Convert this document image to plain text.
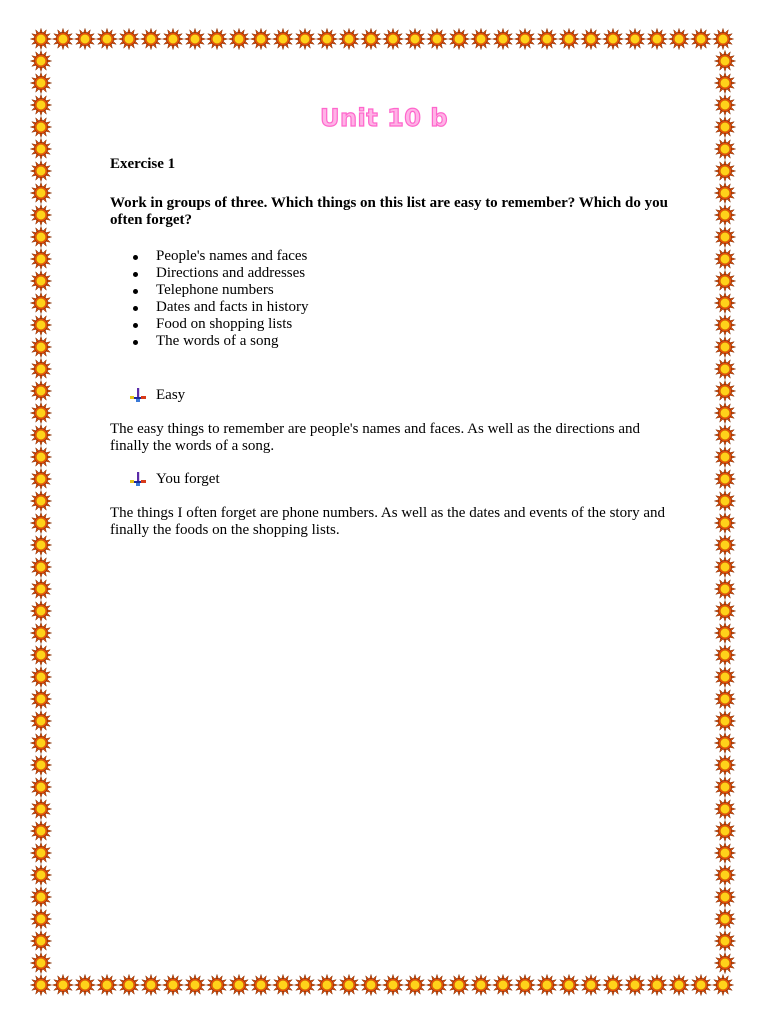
Unit 10 b

Exercise 1

Work in groups of three. Which things on this list are easy to remember? Which do you often forget?

People's names and faces
Directions and addresses
Telephone numbers
Dates and facts in history
Food on shopping lists
The words of a song
Easy

The easy things to remember are people's names and faces. As well as the directions and finally the words of a song.

You forget

The things I often forget are phone numbers. As well as the dates and events of the story and finally the foods on the shopping lists.
